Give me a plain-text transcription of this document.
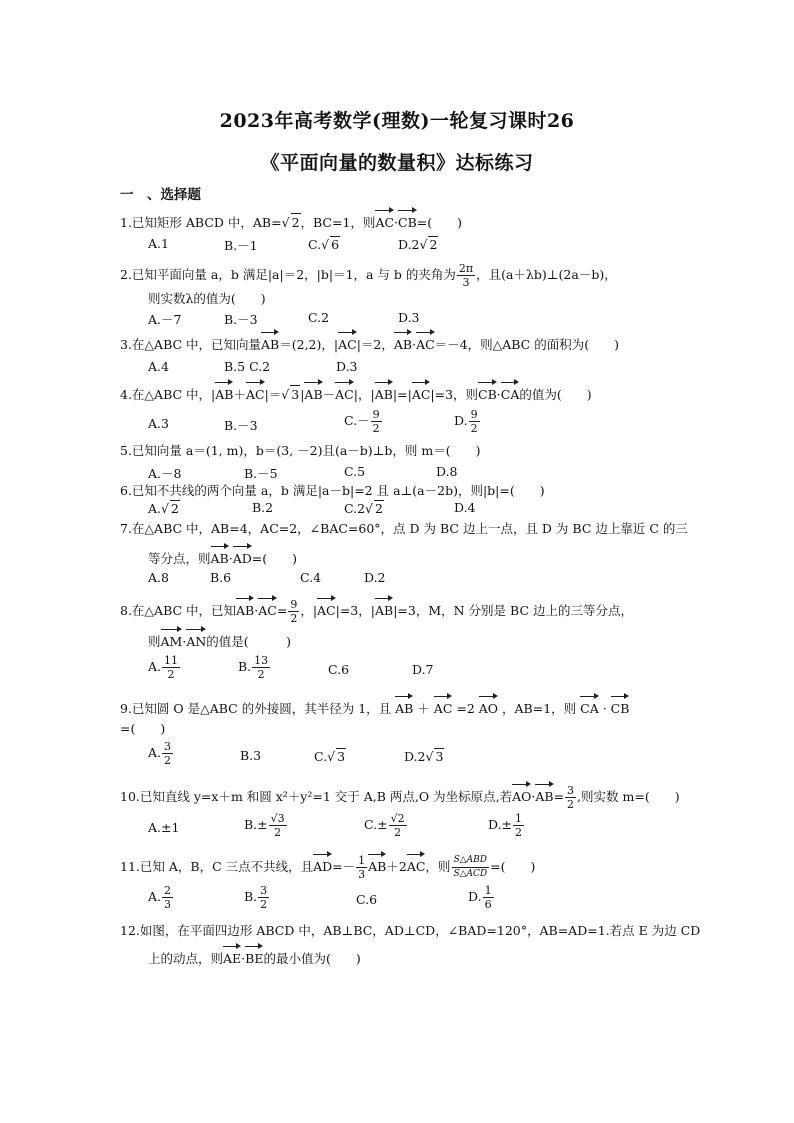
2023年高考数学(理数)一轮复习课时26
《平面向量的数量积》达标练习
一　、选择题
1.已知矩形 ABCD 中，AB=√ 2，BC=1，则AC·CB=(　　)
A.1	B.－1	C.√ 6	D.2√ 2
2.已知平面向量 a，b 满足|a|＝2，|b|＝1，a 与 b 的夹角为 $\frac{2\pi}{3}$ ，且(a＋λb)⊥(2a－b)，
则实数λ的值为(　　)
A.－7	B.－3	C.2	D.3
3.在△ABC 中，已知向量AB＝(2,2)，|AC|＝2，AB·AC＝－4，则△ABC 的面积为(　　)
A.4	B.5 C.2	D.3
4.在△ABC 中，|AB＋AC|＝√ 3|AB－AC|，|AB|=|AC|=3，则CB·CA的值为(　　)
A.3	B.－3	$C.- \frac{9}{2}$	D. $\frac{9}{2}$
5.已知向量 a＝(1, m)，b＝(3, －2)且(a－b)⊥b，则 m＝(　　)
A.－8	B.－5	C.5	D.8
6.已知不共线的两个向量 a，b 满足|a－b|=2 且 a⊥(a－2b)，则|b|=(　　)
A.√ 2	B.2	C.2√ 2	D.4
7.在△ABC 中，AB=4，AC=2，∠BAC=60°，点 D 为 BC 边上一点，且 D 为 BC 边上靠近 C 的三
等分点，则AB·AD=(　　)
A.8	B.6	C.4	D.2
8.在△ABC 中，已知$AB\cdot AC= \frac{9}{2}$ ，|AC|=3，|AB|=3，M，N 分别是 BC 边上的三等分点，
则AM·AN的值是(　　　)
A. $\frac{11}{2}$	B. $\frac{13}{2}$	C.6	D.7
9.已知圆 O 是△ABC 的外接圆，其半径为 1，且 AB ＋ AC =2 AO ，AB=1，则 CA · CB
=(　　)
A. $\frac{3}{2}$	B.3	C.√ 3	D.2√ 3
10.已知直线 y=x＋m 和圆 x²＋y²=1 交于 A,B 两点,O 为坐标原点,若$AO\cdot AB= \frac{3}{2}$ ,则实数 m=(　　)
A.±1	$B.\pm \frac{√3}{2}$	$C.\pm \frac{√2}{2}$	$D.\pm \frac{1}{2}$
11.已知 A，B，C 三点不共线，且$AD=- \frac{1}{3} AB+2AC$，则 $\frac{\text{S△ABD}}{\text{S△ACD}}$ =(　　)
A. $\frac{2}{3}$	B. $\frac{3}{2}$	C.6	D. $\frac{1}{6}$
12.如图，在平面四边形 ABCD 中，AB⊥BC，AD⊥CD，∠BAD=120°，AB=AD=1.若点 E 为边 CD
上的动点，则AE·BE的最小值为(　　)
